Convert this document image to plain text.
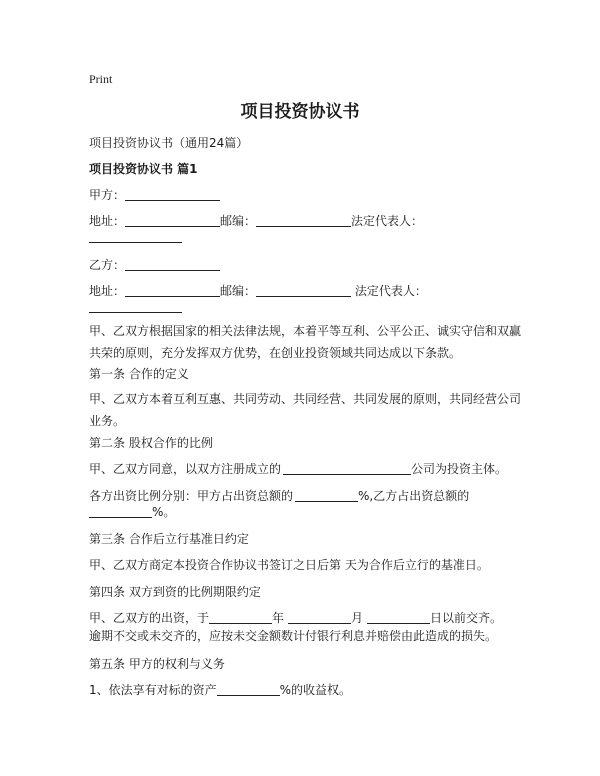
Print
项目投资协议书
项目投资协议书（通用24篇）
项目投资协议书 篇1
甲方：
地址：	邮编：	法定代表人：
乙方：
地址：	邮编：	法定代表人：
甲、乙双方根据国家的相关法律法规，本着平等互利、公平公正、诚实守信和双赢
共荣的原则，充分发挥双方优势，在创业投资领域共同达成以下条款。
第一条 合作的定义
甲、乙双方本着互利互惠、共同劳动、共同经营、共同发展的原则，共同经营公司
业务。
第二条 股权合作的比例
甲、乙双方同意，以双方注册成立的	公司为投资主体。
各方出资比例分别：甲方占出资总额的	%,乙方占出资总额的
%。
第三条 合作后立行基准日约定
甲、乙双方商定本投资合作协议书签订之日后第 天为合作后立行的基准日。
第四条 双方到资的比例期限约定
甲、乙双方的出资，于	年	月	日以前交齐。
逾期不交或未交齐的，应按未交金额数计付银行利息并赔偿由此造成的损失。
第五条 甲方的权利与义务
1、依法享有对标的资产	%的收益权。
